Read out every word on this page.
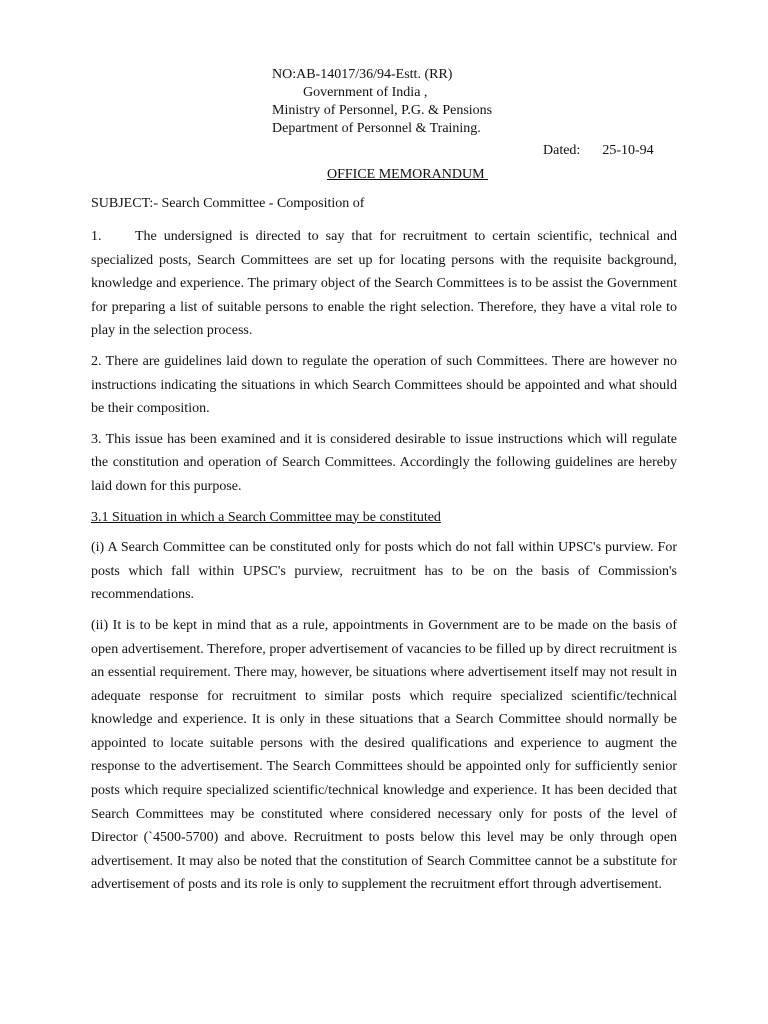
NO:AB-14017/36/94-Estt. (RR)
Government of India ,
Ministry of Personnel, P.G. & Pensions
Department of Personnel & Training.
Dated: 25-10-94
OFFICE MEMORANDUM
SUBJECT:- Search Committee - Composition of

1. The undersigned is directed to say that for recruitment to certain scientific, technical and specialized posts, Search Committees are set up for locating persons with the requisite background, knowledge and experience. The primary object of the Search Committees is to be assist the Government for preparing a list of suitable persons to enable the right selection. Therefore, they have a vital role to play in the selection process.

2. There are guidelines laid down to regulate the operation of such Committees. There are however no instructions indicating the situations in which Search Committees should be appointed and what should be their composition.

3. This issue has been examined and it is considered desirable to issue instructions which will regulate the constitution and operation of Search Committees. Accordingly the following guidelines are hereby laid down for this purpose.

3.1 Situation in which a Search Committee may be constituted

(i) A Search Committee can be constituted only for posts which do not fall within UPSC's purview. For posts which fall within UPSC's purview, recruitment has to be on the basis of Commission's recommendations.

(ii) It is to be kept in mind that as a rule, appointments in Government are to be made on the basis of open advertisement. Therefore, proper advertisement of vacancies to be filled up by direct recruitment is an essential requirement. There may, however, be situations where advertisement itself may not result in adequate response for recruitment to similar posts which require specialized scientific/technical knowledge and experience. It is only in these situations that a Search Committee should normally be appointed to locate suitable persons with the desired qualifications and experience to augment the response to the advertisement. The Search Committees should be appointed only for sufficiently senior posts which require specialized scientific/technical knowledge and experience. It has been decided that Search Committees may be constituted where considered necessary only for posts of the level of Director (`4500-5700) and above. Recruitment to posts below this level may be only through open advertisement. It may also be noted that the constitution of Search Committee cannot be a substitute for advertisement of posts and its role is only to supplement the recruitment effort through advertisement.
